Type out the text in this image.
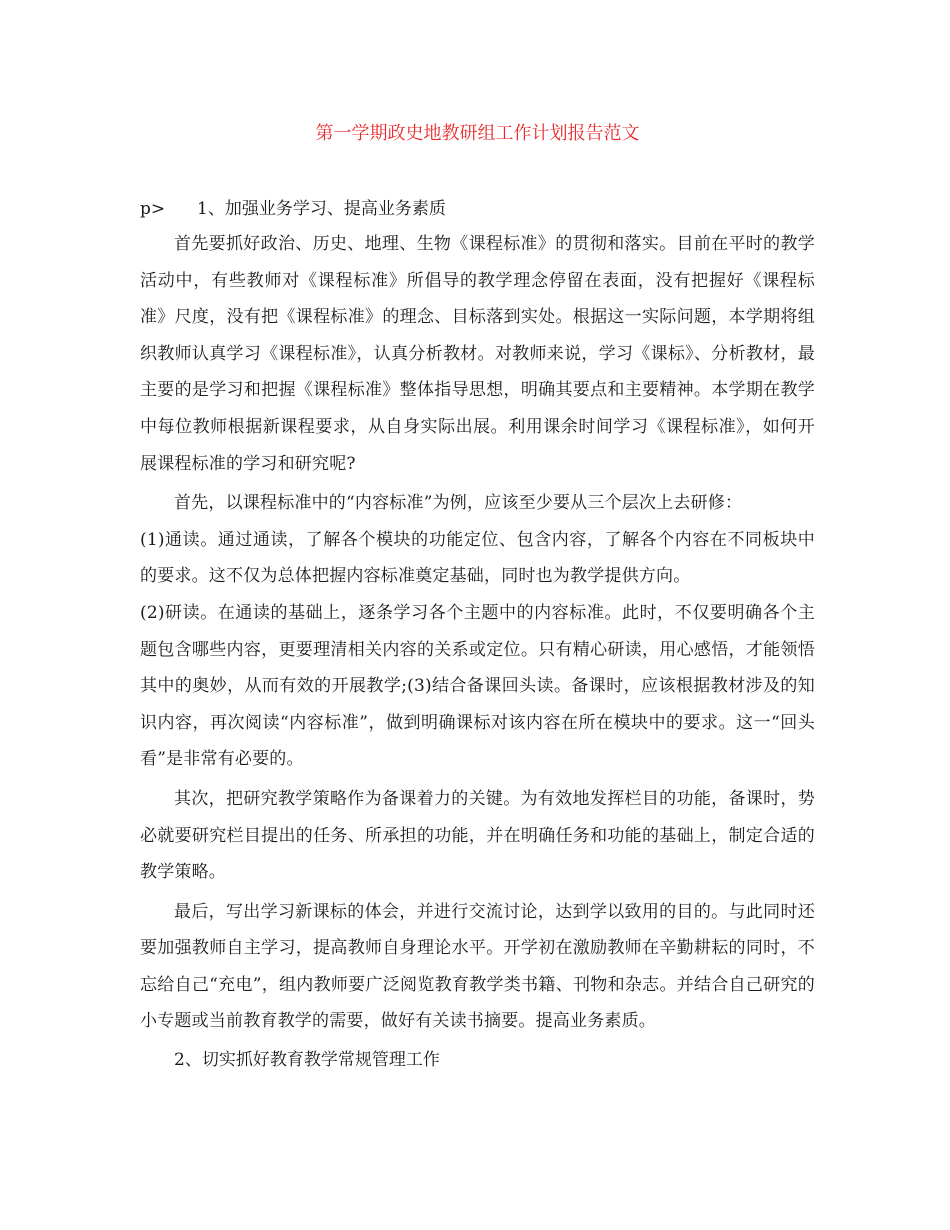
第一学期政史地教研组工作计划报告范文
p> 1、加强业务学习、提高业务素质

首先要抓好政治、历史、地理、生物《课程标准》的贯彻和落实。目前在平时的教学活动中，有些教师对《课程标准》所倡导的教学理念停留在表面，没有把握好《课程标准》尺度，没有把《课程标准》的理念、目标落到实处。根据这一实际问题，本学期将组织教师认真学习《课程标准》，认真分析教材。对教师来说，学习《课标》、分析教材，最主要的是学习和把握《课程标准》整体指导思想，明确其要点和主要精神。本学期在教学中每位教师根据新课程要求，从自身实际出展。利用课余时间学习《课程标准》，如何开展课程标准的学习和研究呢?

首先，以课程标准中的“内容标准”为例，应该至少要从三个层次上去研修：

(1)通读。通过通读，了解各个模块的功能定位、包含内容，了解各个内容在不同板块中的要求。这不仅为总体把握内容标准奠定基础，同时也为教学提供方向。

(2)研读。在通读的基础上，逐条学习各个主题中的内容标准。此时，不仅要明确各个主题包含哪些内容，更要理清相关内容的关系或定位。只有精心研读，用心感悟，才能领悟其中的奥妙，从而有效的开展教学;(3)结合备课回头读。备课时，应该根据教材涉及的知识内容，再次阅读“内容标准”，做到明确课标对该内容在所在模块中的要求。这一“回头看”是非常有必要的。

其次，把研究教学策略作为备课着力的关键。为有效地发挥栏目的功能，备课时，势必就要研究栏目提出的任务、所承担的功能，并在明确任务和功能的基础上，制定合适的教学策略。

最后，写出学习新课标的体会，并进行交流讨论，达到学以致用的目的。与此同时还要加强教师自主学习，提高教师自身理论水平。开学初在激励教师在辛勤耕耘的同时，不忘给自己“充电”，组内教师要广泛阅览教育教学类书籍、刊物和杂志。并结合自己研究的小专题或当前教育教学的需要，做好有关读书摘要。提高业务素质。

2、切实抓好教育教学常规管理工作
